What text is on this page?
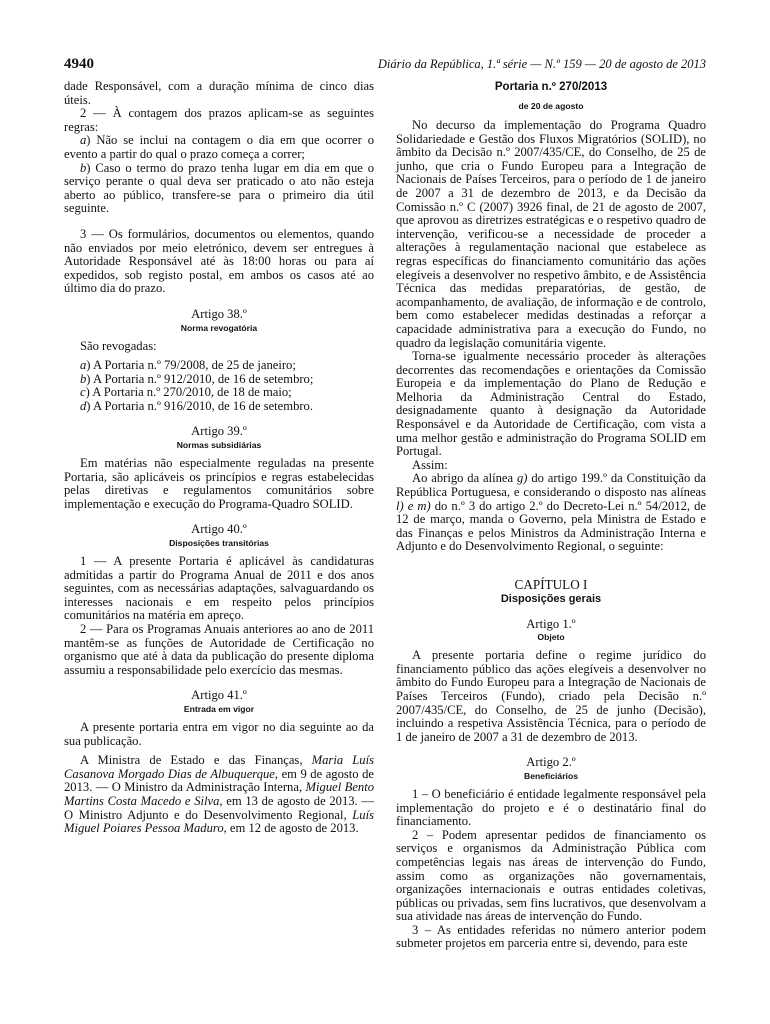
4940	Diário da República, 1.ª série — N.º 159 — 20 de agosto de 2013

dade Responsável, com a duração mínima de cinco dias úteis.

2 — À contagem dos prazos aplicam-se as seguintes regras:

a) Não se inclui na contagem o dia em que ocorrer o evento a partir do qual o prazo começa a correr;

b) Caso o termo do prazo tenha lugar em dia em que o serviço perante o qual deva ser praticado o ato não esteja aberto ao público, transfere-se para o primeiro dia útil seguinte.

3 — Os formulários, documentos ou elementos, quando não enviados por meio eletrónico, devem ser entregues à Autoridade Responsável até às 18:00 horas ou para aí expedidos, sob registo postal, em ambos os casos até ao último dia do prazo.

Artigo 38.º

Norma revogatória

São revogadas:

a) A Portaria n.º 79/2008, de 25 de janeiro;

b) A Portaria n.º 912/2010, de 16 de setembro;

c) A Portaria n.º 270/2010, de 18 de maio;

d) A Portaria n.º 916/2010, de 16 de setembro.

Artigo 39.º

Normas subsidiárias

Em matérias não especialmente reguladas na presente Portaria, são aplicáveis os princípios e regras estabelecidas pelas diretivas e regulamentos comunitários sobre implementação e execução do Programa-Quadro SOLID.

Artigo 40.º

Disposições transitórias

1 — A presente Portaria é aplicável às candidaturas admitidas a partir do Programa Anual de 2011 e dos anos seguintes, com as necessárias adaptações, salvaguardando os interesses nacionais e em respeito pelos princípios comunitários na matéria em apreço.

2 — Para os Programas Anuais anteriores ao ano de 2011 mantêm-se as funções de Autoridade de Certificação no organismo que até à data da publicação do presente diploma assumiu a responsabilidade pelo exercício das mesmas.

Artigo 41.º

Entrada em vigor

A presente portaria entra em vigor no dia seguinte ao da sua publicação.

A Ministra de Estado e das Finanças, Maria Luís Casanova Morgado Dias de Albuquerque, em 9 de agosto de 2013. — O Ministro da Administração Interna, Miguel Bento Martins Costa Macedo e Silva, em 13 de agosto de 2013. — O Ministro Adjunto e do Desenvolvimento Regional, Luís Miguel Poiares Pessoa Maduro, em 12 de agosto de 2013.

Portaria n.º 270/2013

de 20 de agosto

No decurso da implementação do Programa Quadro Solidariedade e Gestão dos Fluxos Migratórios (SOLID), no âmbito da Decisão n.º 2007/435/CE, do Conselho, de 25 de junho, que cria o Fundo Europeu para a Integração de Nacionais de Países Terceiros, para o período de 1 de janeiro de 2007 a 31 de dezembro de 2013, e da Decisão da Comissão n.º C (2007) 3926 final, de 21 de agosto de 2007, que aprovou as diretrizes estratégicas e o respetivo quadro de intervenção, verificou-se a necessidade de proceder a alterações à regulamentação nacional que estabelece as regras específicas do financiamento comunitário das ações elegíveis a desenvolver no respetivo âmbito, e de Assistência Técnica das medidas preparatórias, de gestão, de acompanhamento, de avaliação, de informação e de controlo, bem como estabelecer medidas destinadas a reforçar a capacidade administrativa para a execução do Fundo, no quadro da legislação comunitária vigente.

Torna-se igualmente necessário proceder às alterações decorrentes das recomendações e orientações da Comissão Europeia e da implementação do Plano de Redução e Melhoria da Administração Central do Estado, designadamente quanto à designação da Autoridade Responsável e da Autoridade de Certificação, com vista a uma melhor gestão e administração do Programa SOLID em Portugal.

Assim:

Ao abrigo da alínea g) do artigo 199.º da Constituição da República Portuguesa, e considerando o disposto nas alíneas l) e m) do n.º 3 do artigo 2.º do Decreto-Lei n.º 54/2012, de 12 de março, manda o Governo, pela Ministra de Estado e das Finanças e pelos Ministros da Administração Interna e Adjunto e do Desenvolvimento Regional, o seguinte:

CAPÍTULO I

Disposições gerais

Artigo 1.º

Objeto

A presente portaria define o regime jurídico do financiamento público das ações elegíveis a desenvolver no âmbito do Fundo Europeu para a Integração de Nacionais de Países Terceiros (Fundo), criado pela Decisão n.º 2007/435/CE, do Conselho, de 25 de junho (Decisão), incluindo a respetiva Assistência Técnica, para o período de 1 de janeiro de 2007 a 31 de dezembro de 2013.

Artigo 2.º

Beneficiários

1 – O beneficiário é entidade legalmente responsável pela implementação do projeto e é o destinatário final do financiamento.

2 – Podem apresentar pedidos de financiamento os serviços e organismos da Administração Pública com competências legais nas áreas de intervenção do Fundo, assim como as organizações não governamentais, organizações internacionais e outras entidades coletivas, públicas ou privadas, sem fins lucrativos, que desenvolvam a sua atividade nas áreas de intervenção do Fundo.

3 – As entidades referidas no número anterior podem submeter projetos em parceria entre si, devendo, para este
